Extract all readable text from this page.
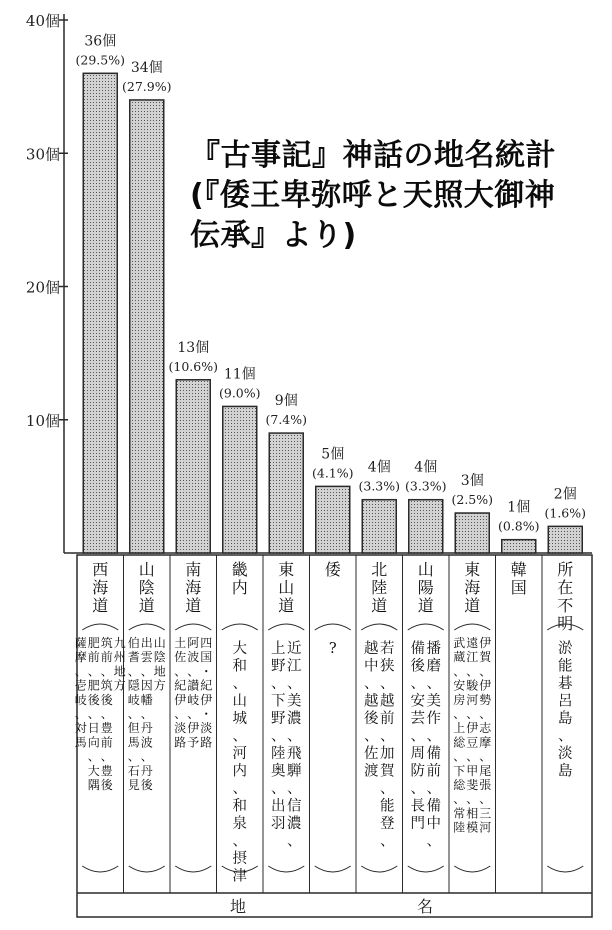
10個
20個
30個
40個
36個
(29.5%)
34個
(27.9%)
13個
(10.6%)
11個
(9.0%)
9個
(7.4%)
5個
(4.1%) 4個
(3.3%)
4個
(3.3%) 3個
(2.5%)
1個
(0.8%)
2個
(1.6%)
地	名
西
海
道
九
州
地
方
筑
前
、
筑
後
、
豊
前
、
豊
後
肥
前
、
肥
後
、
日
向
、
大
隅
薩
摩
、
壱
岐
、
対
馬
山
陰
道
山
陰
地
方
出
雲
、
因
幡
、
丹
波
、
丹
後
伯
耆
、
隠
岐
、
但
馬
、
石
見
南
海
道
四
国
・
紀
伊
・
淡
路
阿
波
、
讃
岐
、
伊
予
土
佐
、
紀
伊
、
淡
路
畿
内
大
和
、
山
城
、
河
内
、
和
泉
、
摂
津
東
山
道
近
江
、
美
濃
、
飛
騨
、
信
濃
、
上
野
、
下
野
、
陸
奥
、
出
羽
倭
?
北
陸
道
若
狭
、
越
前
、
加
賀
、
能
登
、
越
中
、
越
後
、
佐
渡
山
陽
道
播
磨
、
美
作
、
備
前
、
備
中
、
備
後
、
安
芸
、
周
防
、
長
門
東
海
道
伊
賀
、
伊
勢
、
志
摩
、
尾
張
、
三
河
遠
江
、
駿
河
、
伊
豆
、
甲
斐
、
相
模
武
蔵
、
安
房
、
上
総
、
下
総
、
常
陸
韓
国
所
在
不
明
淤
能
碁
呂
島
、
淡
島
『古事記』神話の地名統計
(『倭王卑弥呼と天照大御神
伝承』より)
